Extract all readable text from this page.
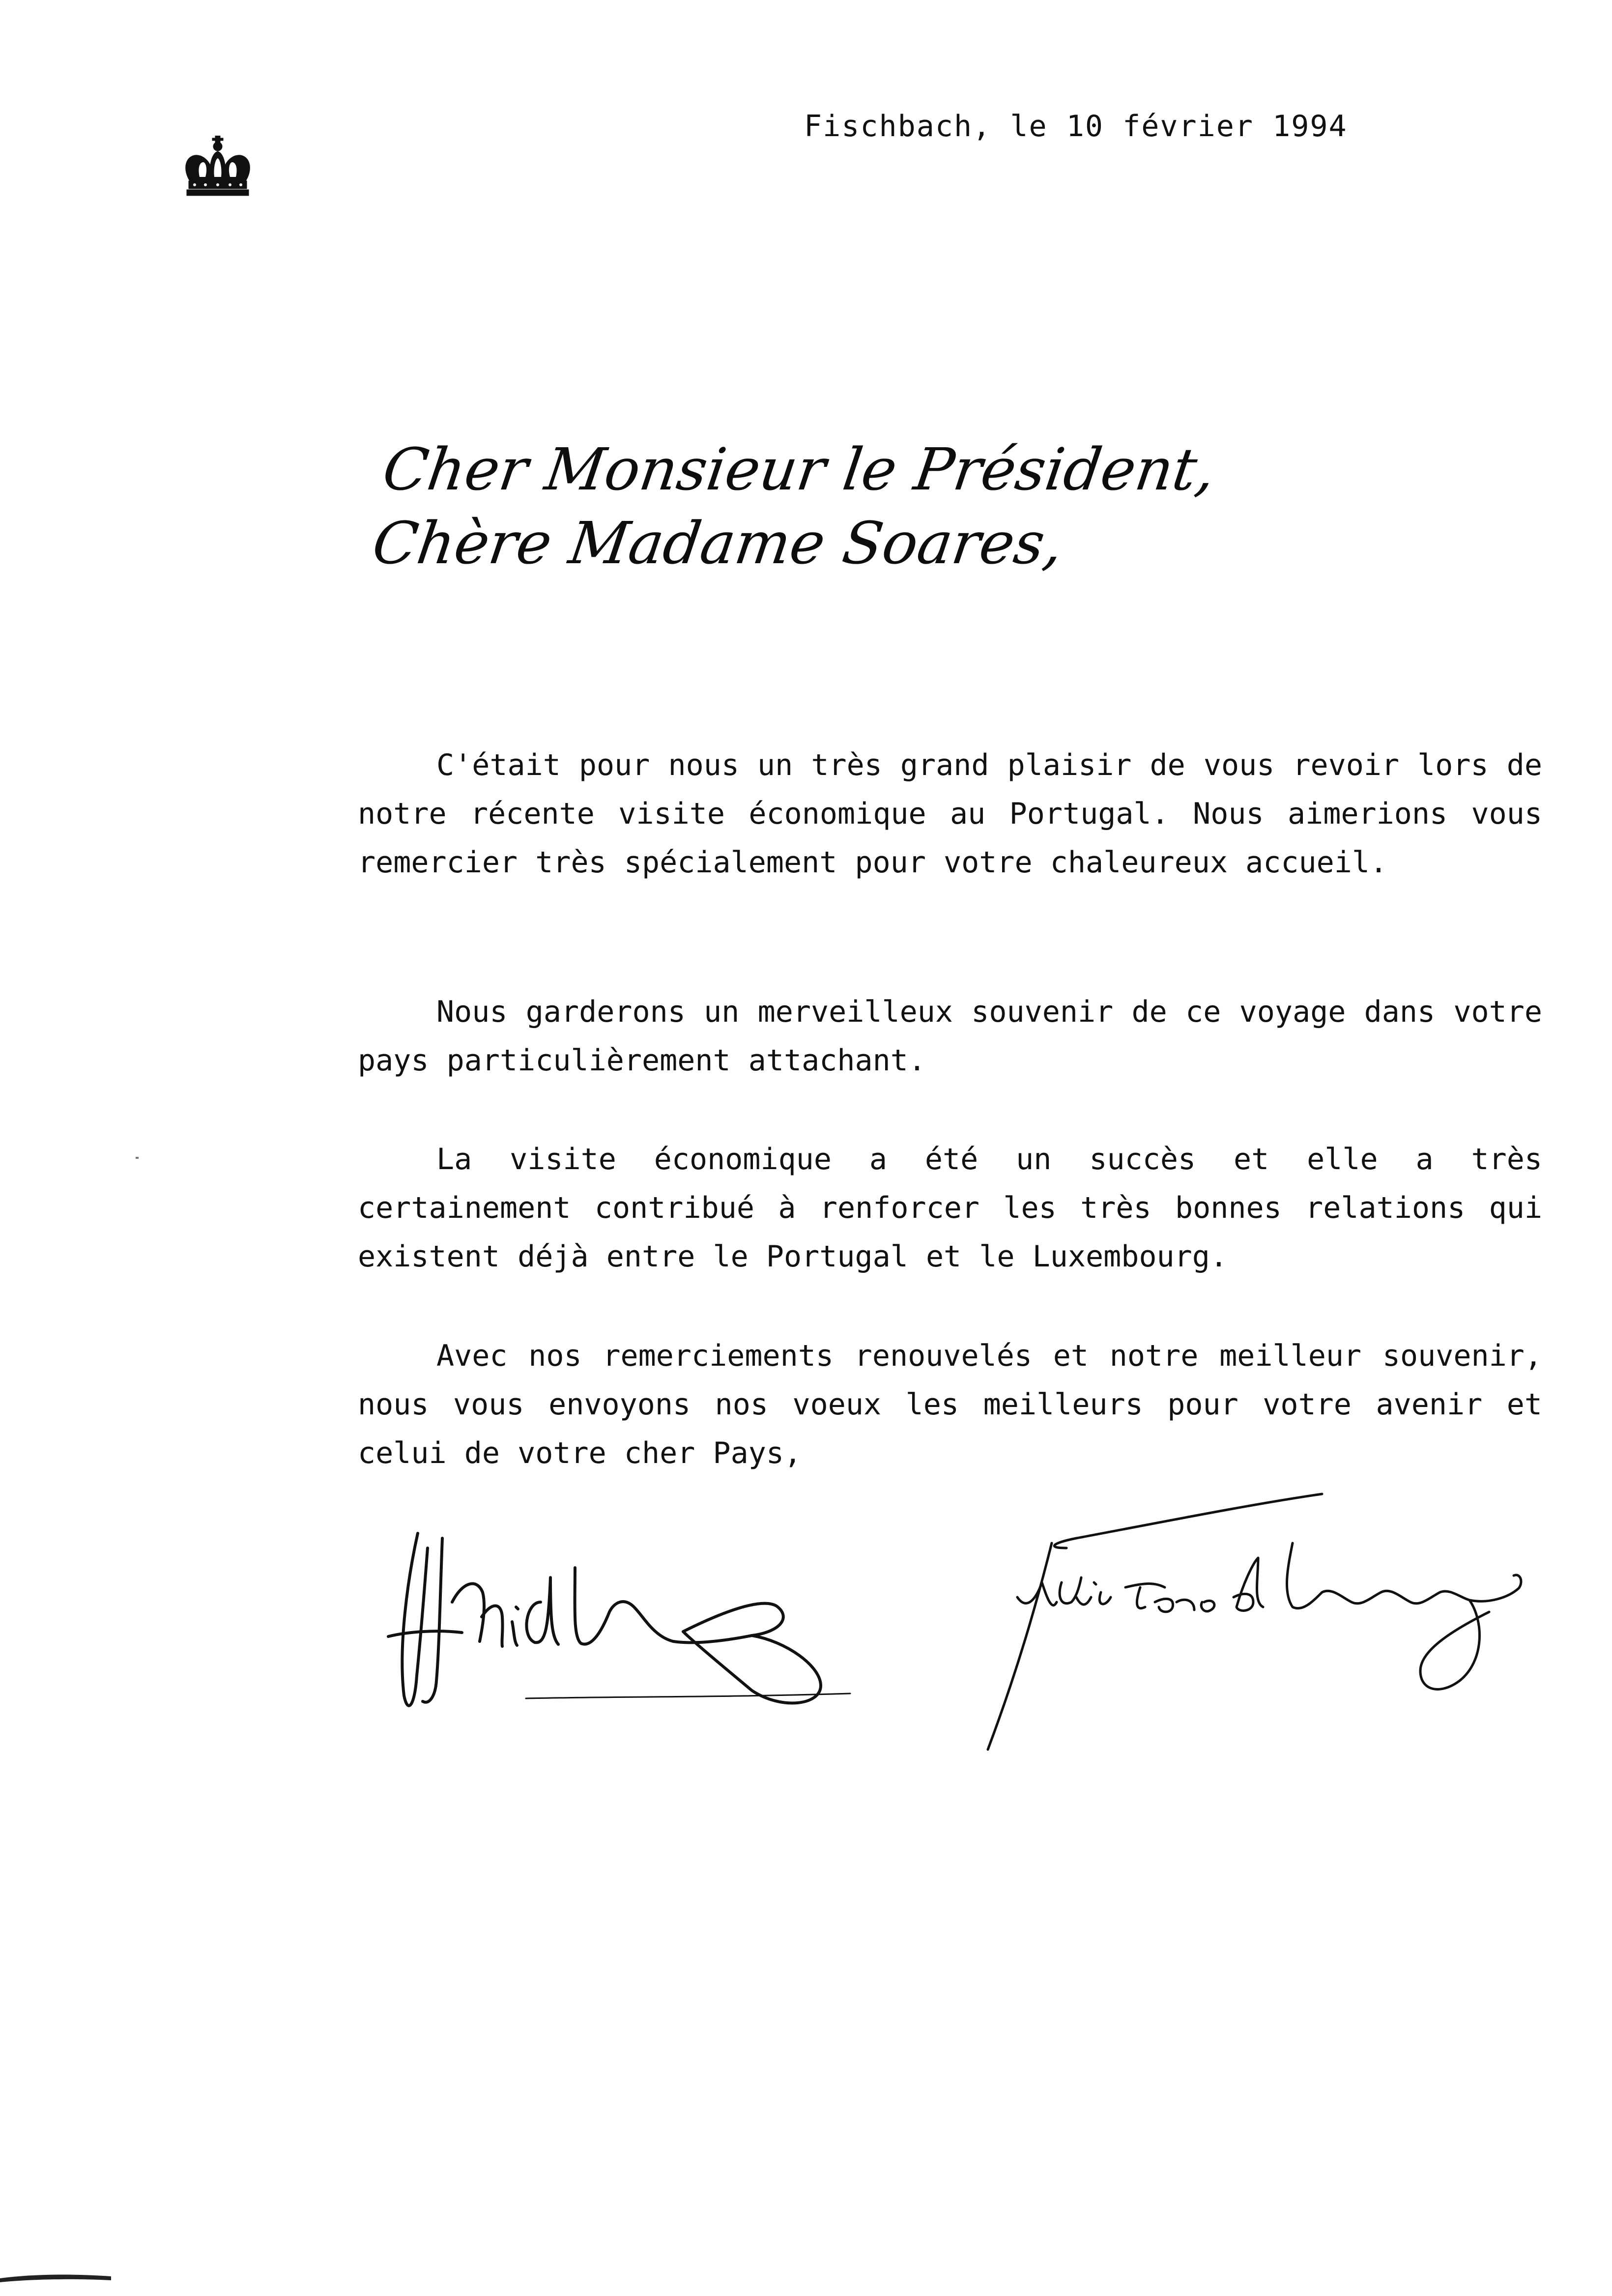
Fischbach, le 10 février 1994
Cher Monsieur le Président,
Chère Madame Soares,
C'était pour nous un très grand plaisir de vous revoir lors de notre récente visite économique au Portugal. Nous aimerions vous remercier très spécialement pour votre chaleureux accueil.
Nous garderons un merveilleux souvenir de ce voyage dans votre pays particulièrement attachant.
La visite économique a été un succès et elle a très certainement contribué à renforcer les très bonnes relations qui existent déjà entre le Portugal et le Luxembourg.
Avec nos remerciements renouvelés et notre meilleur souvenir, nous vous envoyons nos voeux les meilleurs pour votre avenir et celui de votre cher Pays,
